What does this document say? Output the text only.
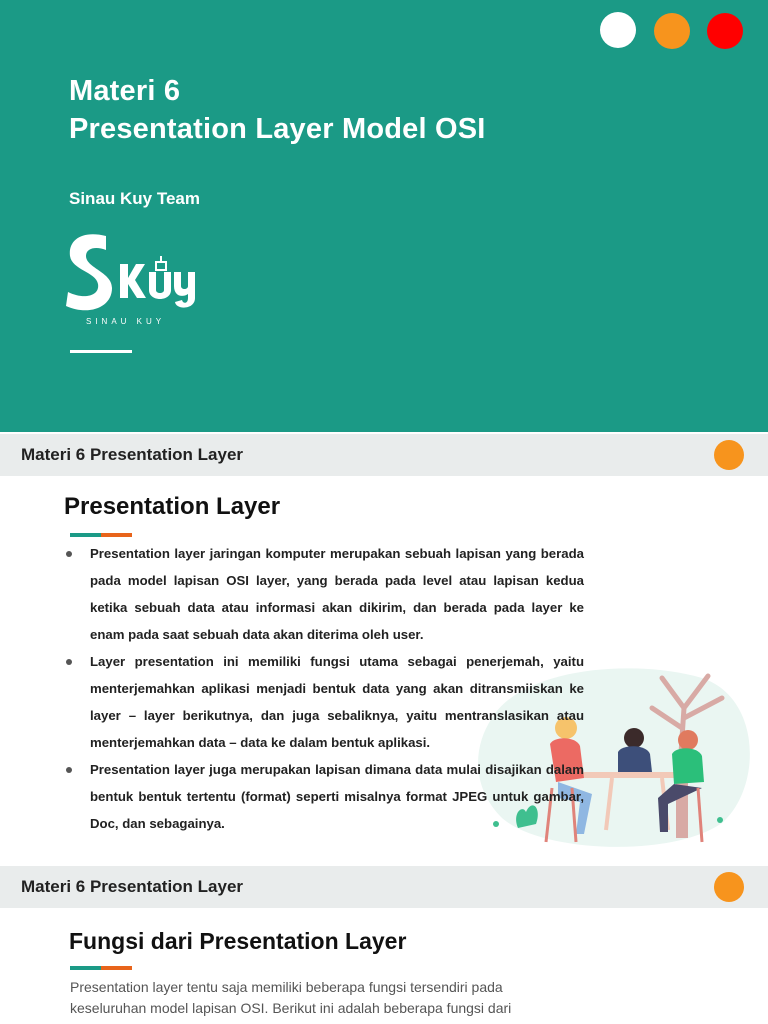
Materi 6
Presentation Layer Model OSI
Sinau Kuy Team
SINAU KUY
Materi 6 Presentation Layer
Presentation Layer
Presentation layer jaringan komputer merupakan sebuah lapisan yang berada pada model lapisan OSI layer, yang berada pada level atau lapisan kedua ketika sebuah data atau informasi akan dikirim, dan berada pada layer ke enam pada saat sebuah data akan diterima oleh user.
Layer presentation ini memiliki fungsi utama sebagai penerjemah, yaitu menterjemahkan aplikasi menjadi bentuk data yang akan ditransmiiskan ke layer – layer berikutnya, dan juga sebaliknya, yaitu mentranslasikan atau menterjemahkan data – data ke dalam bentuk aplikasi.
Presentation layer juga merupakan lapisan dimana data mulai disajikan dalam bentuk bentuk tertentu (format) seperti misalnya format JPEG untuk gambar, Doc, dan sebagainya.
Materi 6 Presentation Layer
Fungsi dari Presentation Layer
Presentation layer tentu saja memiliki beberapa fungsi tersendiri pada keseluruhan model lapisan OSI. Berikut ini adalah beberapa fungsi dari
